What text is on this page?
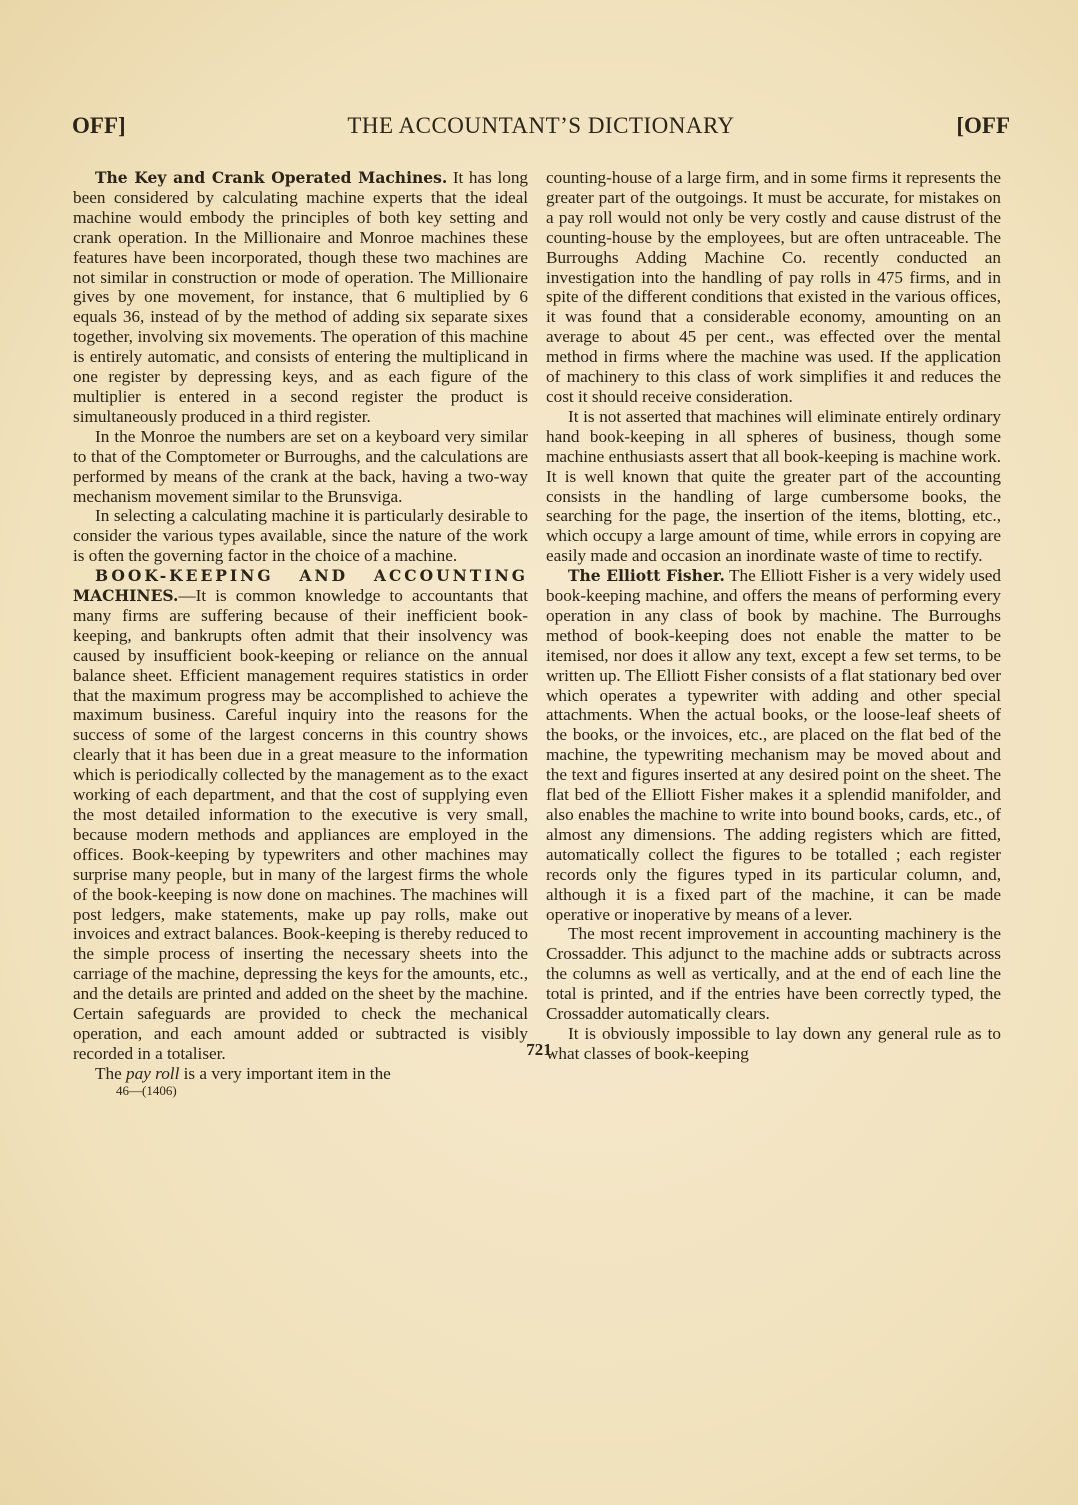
THE ACCOUNTANT’S DICTIONARY
OFF]	[OFF

The Key and Crank Operated Machines. It has long been considered by calculating machine experts that the ideal machine would embody the principles of both key setting and crank operation. In the Millionaire and Monroe machines these features have been incorporated, though these two machines are not similar in construction or mode of operation. The Millionaire gives by one movement, for instance, that 6 multiplied by 6 equals 36, instead of by the method of adding six separate sixes together, involving six movements. The operation of this machine is entirely automatic, and consists of entering the multiplicand in one register by depressing keys, and as each figure of the multiplier is entered in a second register the product is simultaneously produced in a third register.

In the Monroe the numbers are set on a keyboard very similar to that of the Comptometer or Burroughs, and the calculations are performed by means of the crank at the back, having a two-way mechanism movement similar to the Brunsviga.

In selecting a calculating machine it is particularly desirable to consider the various types available, since the nature of the work is often the governing factor in the choice of a machine.

BOOK-KEEPING AND ACCOUNTING MACHINES.—It is common knowledge to accountants that many firms are suffering because of their inefficient book-keeping, and bankrupts often admit that their insolvency was caused by insufficient book-keeping or reliance on the annual balance sheet. Efficient management requires statistics in order that the maximum progress may be accomplished to achieve the maximum business. Careful inquiry into the reasons for the success of some of the largest concerns in this country shows clearly that it has been due in a great measure to the information which is periodically collected by the management as to the exact working of each department, and that the cost of supplying even the most detailed information to the executive is very small, because modern methods and appliances are employed in the offices. Book-keeping by typewriters and other machines may surprise many people, but in many of the largest firms the whole of the book-keeping is now done on machines. The machines will post ledgers, make statements, make up pay rolls, make out invoices and extract balances. Book-keeping is thereby reduced to the simple process of inserting the necessary sheets into the carriage of the machine, depressing the keys for the amounts, etc., and the details are printed and added on the sheet by the machine. Certain safeguards are provided to check the mechanical operation, and each amount added or subtracted is visibly recorded in a totaliser.

The pay roll is a very important item in the

counting-house of a large firm, and in some firms it represents the greater part of the outgoings. It must be accurate, for mistakes on a pay roll would not only be very costly and cause distrust of the counting-house by the employees, but are often untraceable. The Burroughs Adding Machine Co. recently conducted an investigation into the handling of pay rolls in 475 firms, and in spite of the different conditions that existed in the various offices, it was found that a considerable economy, amounting on an average to about 45 per cent., was effected over the mental method in firms where the machine was used. If the application of machinery to this class of work simplifies it and reduces the cost it should receive consideration.

It is not asserted that machines will eliminate entirely ordinary hand book-keeping in all spheres of business, though some machine enthusiasts assert that all book-keeping is machine work. It is well known that quite the greater part of the accounting consists in the handling of large cumbersome books, the searching for the page, the insertion of the items, blotting, etc., which occupy a large amount of time, while errors in copying are easily made and occasion an inordinate waste of time to rectify.

The Elliott Fisher. The Elliott Fisher is a very widely used book-keeping machine, and offers the means of performing every operation in any class of book by machine. The Burroughs method of book-keeping does not enable the matter to be itemised, nor does it allow any text, except a few set terms, to be written up. The Elliott Fisher consists of a flat stationary bed over which operates a typewriter with adding and other special attachments. When the actual books, or the loose-leaf sheets of the books, or the invoices, etc., are placed on the flat bed of the machine, the typewriting mechanism may be moved about and the text and figures inserted at any desired point on the sheet. The flat bed of the Elliott Fisher makes it a splendid manifolder, and also enables the machine to write into bound books, cards, etc., of almost any dimensions. The adding registers which are fitted, automatically collect the figures to be totalled ; each register records only the figures typed in its particular column, and, although it is a fixed part of the machine, it can be made operative or inoperative by means of a lever.

The most recent improvement in accounting machinery is the Crossadder. This adjunct to the machine adds or subtracts across the columns as well as vertically, and at the end of each line the total is printed, and if the entries have been correctly typed, the Crossadder automatically clears.

It is obviously impossible to lay down any general rule as to what classes of book-keeping

721
46—(1406)
